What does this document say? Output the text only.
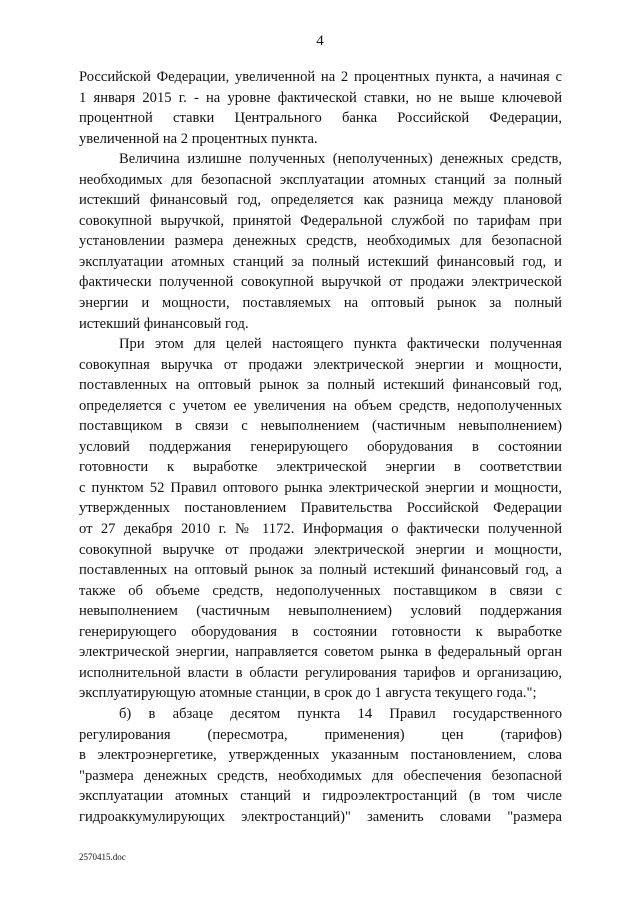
4

Российской Федерации, увеличенной на 2 процентных пункта, а начиная с

1 января 2015 г. - на уровне фактической ставки, но не выше ключевой

процентной ставки Центрального банка Российской Федерации,

увеличенной на 2 процентных пункта.

Величина излишне полученных (неполученных) денежных средств,

необходимых для безопасной эксплуатации атомных станций за полный

истекший финансовый год, определяется как разница между плановой

совокупной выручкой, принятой Федеральной службой по тарифам при

установлении размера денежных средств, необходимых для безопасной

эксплуатации атомных станций за полный истекший финансовый год, и

фактически полученной совокупной выручкой от продажи электрической

энергии и мощности, поставляемых на оптовый рынок за полный

истекший финансовый год.

При этом для целей настоящего пункта фактически полученная

совокупная выручка от продажи электрической энергии и мощности,

поставленных на оптовый рынок за полный истекший финансовый год,

определяется с учетом ее увеличения на объем средств, недополученных

поставщиком в связи с невыполнением (частичным невыполнением)

условий поддержания генерирующего оборудования в состоянии

готовности к выработке электрической энергии в соответствии

с пунктом 52 Правил оптового рынка электрической энергии и мощности,

утвержденных постановлением Правительства Российской Федерации

от 27 декабря 2010 г. № 1172. Информация о фактически полученной

совокупной выручке от продажи электрической энергии и мощности,

поставленных на оптовый рынок за полный истекший финансовый год, а

также об объеме средств, недополученных поставщиком в связи с

невыполнением (частичным невыполнением) условий поддержания

генерирующего оборудования в состоянии готовности к выработке

электрической энергии, направляется советом рынка в федеральный орган

исполнительной власти в области регулирования тарифов и организацию,

эксплуатирующую атомные станции, в срок до 1 августа текущего года.";

б) в абзаце десятом пункта 14 Правил государственного

регулирования (пересмотра, применения) цен (тарифов)

в электроэнергетике, утвержденных указанным постановлением, слова

"размера денежных средств, необходимых для обеспечения безопасной

эксплуатации атомных станций и гидроэлектростанций (в том числе

гидроаккумулирующих электростанций)" заменить словами "размера

2570415.doc
